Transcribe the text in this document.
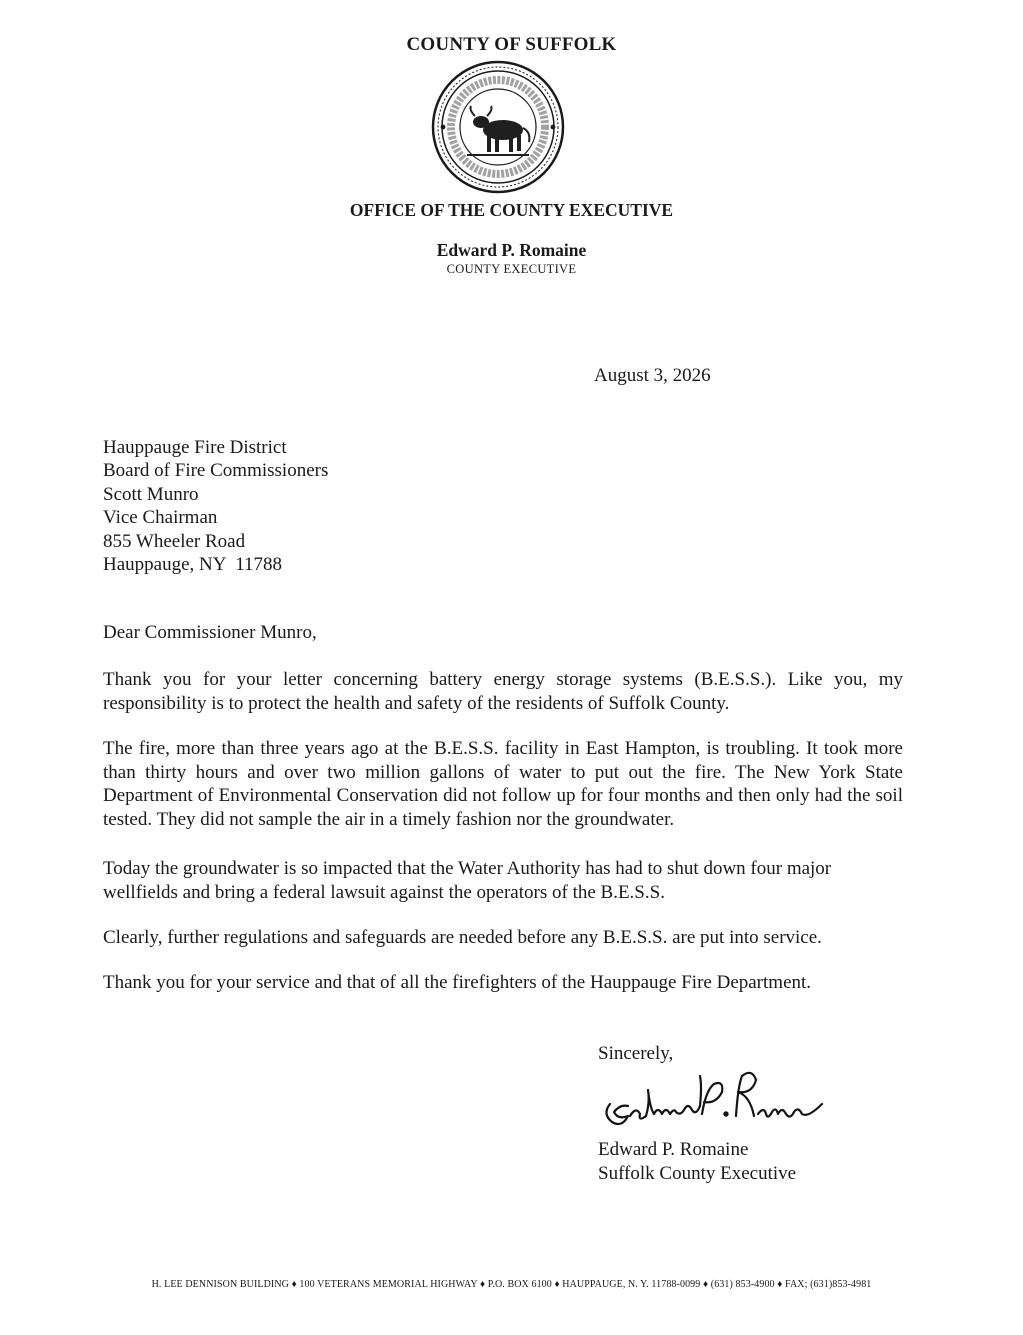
COUNTY OF SUFFOLK
OFFICE OF THE COUNTY EXECUTIVE
Edward P. Romaine
COUNTY EXECUTIVE
August 3, 2026
Hauppauge Fire District
Board of Fire Commissioners
Scott Munro
Vice Chairman
855 Wheeler Road
Hauppauge, NY  11788
Dear Commissioner Munro,

Thank you for your letter concerning battery energy storage systems (B.E.S.S.). Like you, my responsibility is to protect the health and safety of the residents of Suffolk County.

The fire, more than three years ago at the B.E.S.S. facility in East Hampton, is troubling. It took more than thirty hours and over two million gallons of water to put out the fire. The New York State Department of Environmental Conservation did not follow up for four months and then only had the soil tested. They did not sample the air in a timely fashion nor the groundwater.

Today the groundwater is so impacted that the Water Authority has had to shut down four major wellfields and bring a federal lawsuit against the operators of the B.E.S.S.

Clearly, further regulations and safeguards are needed before any B.E.S.S. are put into service.

Thank you for your service and that of all the firefighters of the Hauppauge Fire Department.

Sincerely,
Edward P. Romaine
Suffolk County Executive
H. LEE DENNISON BUILDING ♦ 100 VETERANS MEMORIAL HIGHWAY ♦ P.O. BOX 6100 ♦ HAUPPAUGE, N. Y. 11788-0099 ♦ (631) 853-4900 ♦ FAX; (631)853-4981
